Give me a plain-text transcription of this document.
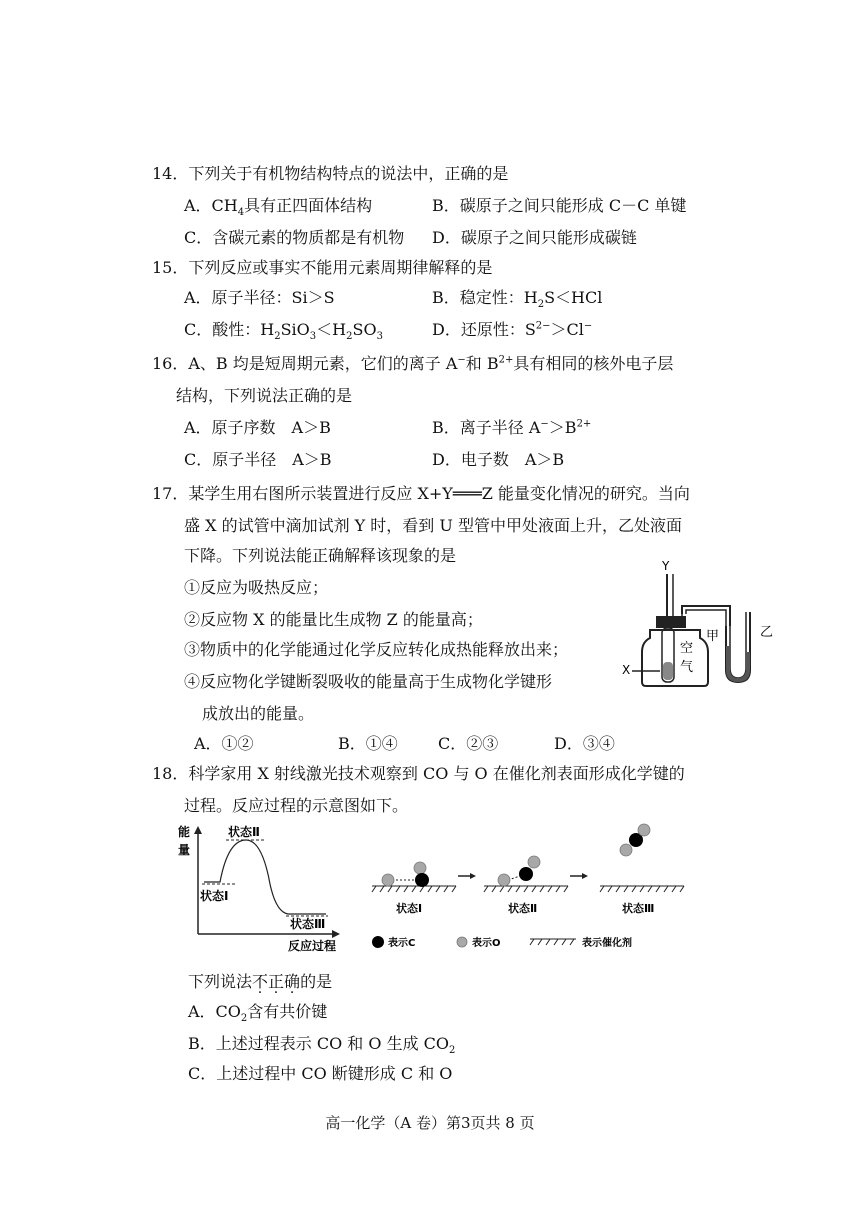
14．下列关于有机物结构特点的说法中，正确的是
A．$CH_4$具有正四面体结构	B．碳原子之间只能形成 C－C 单键
C．含碳元素的物质都是有机物 D．碳原子之间只能形成碳链
15．下列反应或事实不能用元素周期律解释的是
A．原子半径：Si＞S	B．稳定性：$H_2S<HCl$
C．酸性：$H_2SiO_3<H_2SO_3$	D．还原性：$S^{2-}>Cl^-$
16．A、B 均是短周期元素，它们的离子 A−和 $B^{2+}$具有相同的核外电子层
结构，下列说法正确的是
A．原子序数　A＞B	B．离子半径 $A^->B^{2+}$
C．原子半径　A＞B	D．电子数　A＞B
17．某学生用右图所示装置进行反应 X+Y═══Z 能量变化情况的研究。当向
盛 X 的试管中滴加试剂 Y 时，看到 U 型管中甲处液面上升，乙处液面
下降。下列说法能正确解释该现象的是
①反应为吸热反应；
②反应物 X 的能量比生成物 Z 的能量高；
③物质中的化学能通过化学反应转化成热能释放出来；
④反应物化学键断裂吸收的能量高于生成物化学键形
成放出的能量。
A．①②	B．①④	C．②③	D．③④
Y
空
气
X
甲	乙
18．科学家用 X 射线激光技术观察到 CO 与 O 在催化剂表面形成化学键的
过程。反应过程的示意图如下。
能
量
状态Ⅱ
状态Ⅰ
状态Ⅲ
反应过程
状态Ⅰ	状态Ⅱ	状态Ⅲ
表示C	表示O	表示催化剂
下列说法不正确的是
A．$CO_2$含有共价键
B．上述过程表示 CO 和 O 生成 $CO_2$
C．上述过程中 CO 断键形成 C 和 O
高一化学（A 卷）第3页共 8 页
